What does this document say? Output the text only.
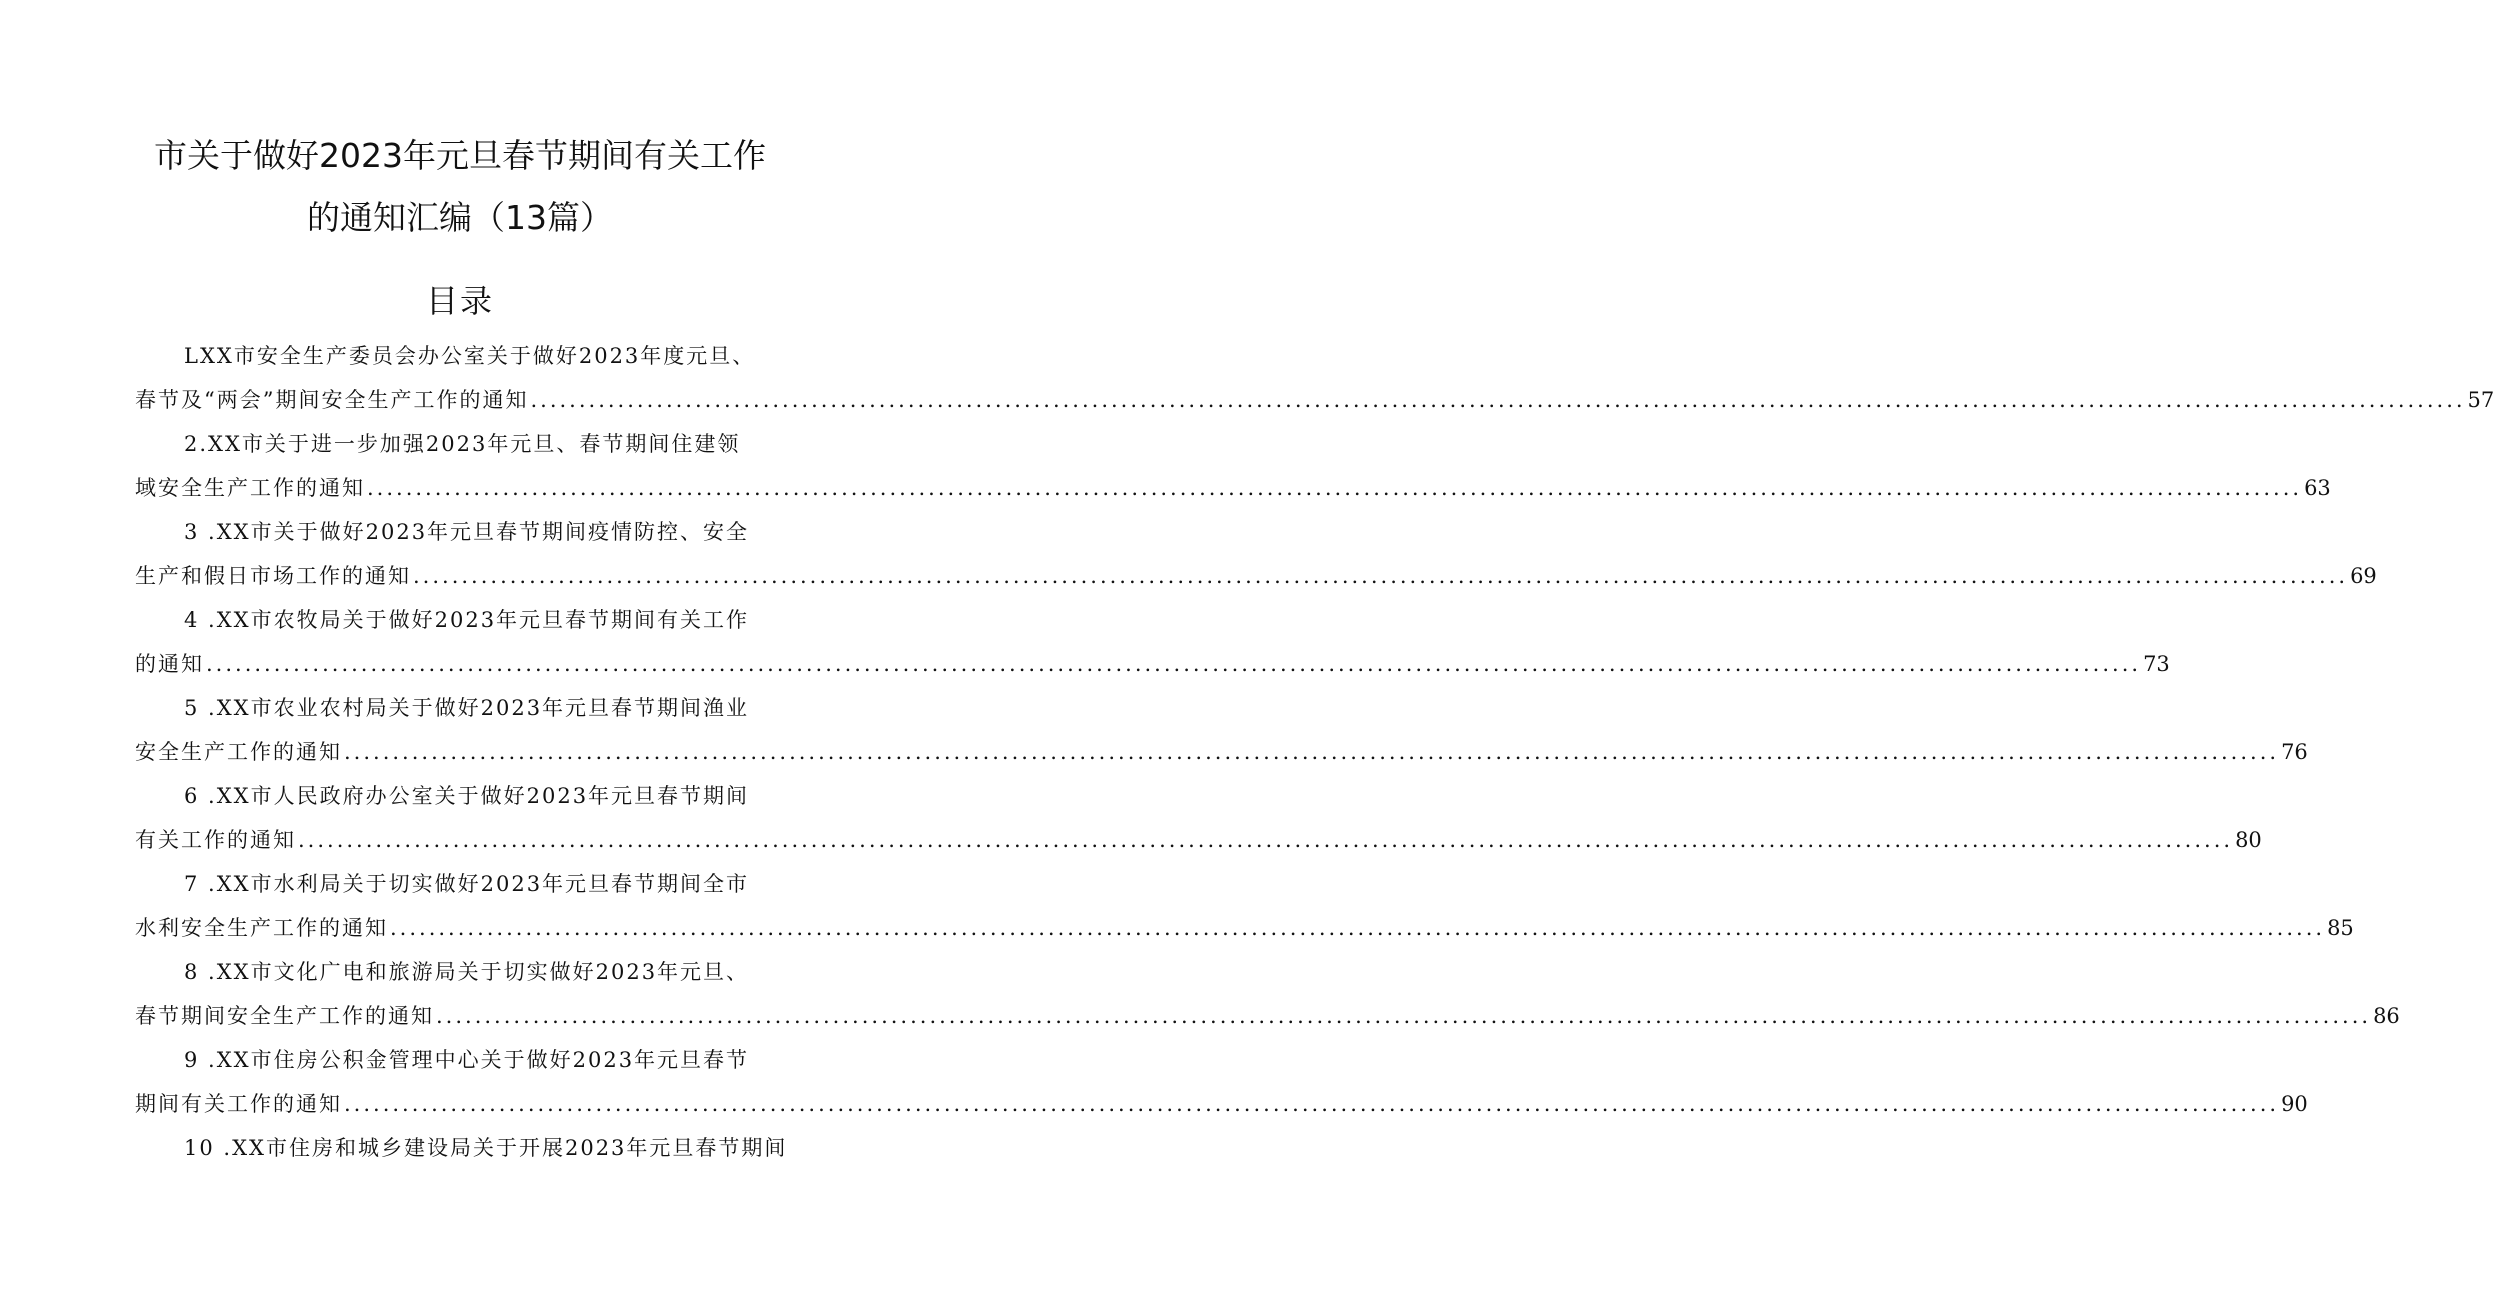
市关于做好2023年元旦春节期间有关工作
的通知汇编（13篇）
目录
LXX市安全生产委员会办公室关于做好2023年度元旦、
春节及“两会”期间安全生产工作的通知 ........................................................................................................................................................................................................ 57
2.XX市关于进一步加强2023年元旦、春节期间住建领
域安全生产工作的通知 ........................................................................................................................................................................................................ 63
3 .XX市关于做好2023年元旦春节期间疫情防控、安全
生产和假日市场工作的通知 ........................................................................................................................................................................................................ 69
4 .XX市农牧局关于做好2023年元旦春节期间有关工作
的通知 ........................................................................................................................................................................................................ 73
5 .XX市农业农村局关于做好2023年元旦春节期间渔业
安全生产工作的通知 ........................................................................................................................................................................................................ 76
6 .XX市人民政府办公室关于做好2023年元旦春节期间
有关工作的通知 ........................................................................................................................................................................................................ 80
7 .XX市水利局关于切实做好2023年元旦春节期间全市
水利安全生产工作的通知 ........................................................................................................................................................................................................ 85
8 .XX市文化广电和旅游局关于切实做好2023年元旦、
春节期间安全生产工作的通知 ........................................................................................................................................................................................................ 86
9 .XX市住房公积金管理中心关于做好2023年元旦春节
期间有关工作的通知 ........................................................................................................................................................................................................ 90
10 .XX市住房和城乡建设局关于开展2023年元旦春节期间
